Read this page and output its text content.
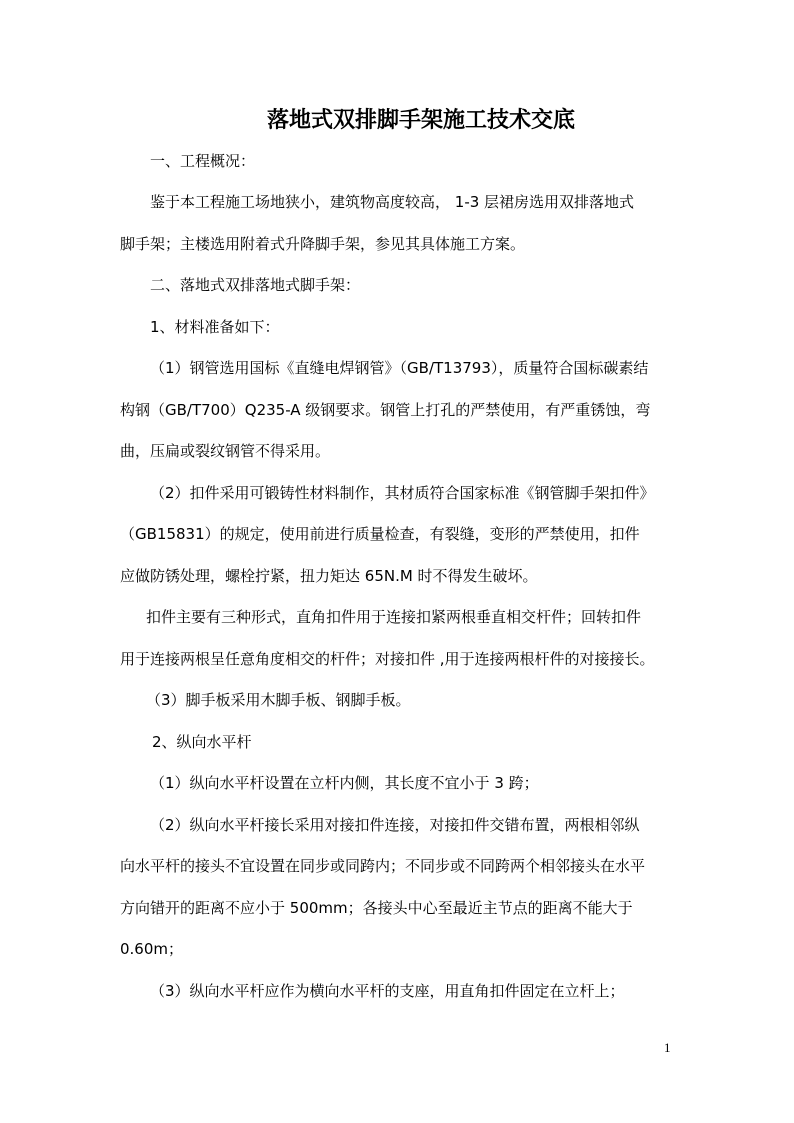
落地式双排脚手架施工技术交底
一、工程概况：
鉴于本工程施工场地狭小，建筑物高度较高， 1-3 层裙房选用双排落地式
脚手架；主楼选用附着式升降脚手架，参见其具体施工方案。
二、落地式双排落地式脚手架：
1、材料准备如下：
（1）钢管选用国标《直缝电焊钢管》（GB/T13793），质量符合国标碳素结
构钢（GB/T700）Q235-A 级钢要求。钢管上打孔的严禁使用，有严重锈蚀，弯
曲，压扁或裂纹钢管不得采用。
（2）扣件采用可锻铸性材料制作，其材质符合国家标准《钢管脚手架扣件》
（GB15831）的规定，使用前进行质量检查，有裂缝，变形的严禁使用，扣件
应做防锈处理，螺栓拧紧，扭力矩达 65N.M 时不得发生破坏。
扣件主要有三种形式，直角扣件用于连接扣紧两根垂直相交杆件；回转扣件
用于连接两根呈任意角度相交的杆件；对接扣件 ,用于连接两根杆件的对接接长。
（3）脚手板采用木脚手板、钢脚手板。
2、纵向水平杆
（1）纵向水平杆设置在立杆内侧，其长度不宜小于 3 跨；
（2）纵向水平杆接长采用对接扣件连接，对接扣件交错布置，两根相邻纵
向水平杆的接头不宜设置在同步或同跨内；不同步或不同跨两个相邻接头在水平
方向错开的距离不应小于 500mm；各接头中心至最近主节点的距离不能大于
0.60m；
（3）纵向水平杆应作为横向水平杆的支座，用直角扣件固定在立杆上；
1
